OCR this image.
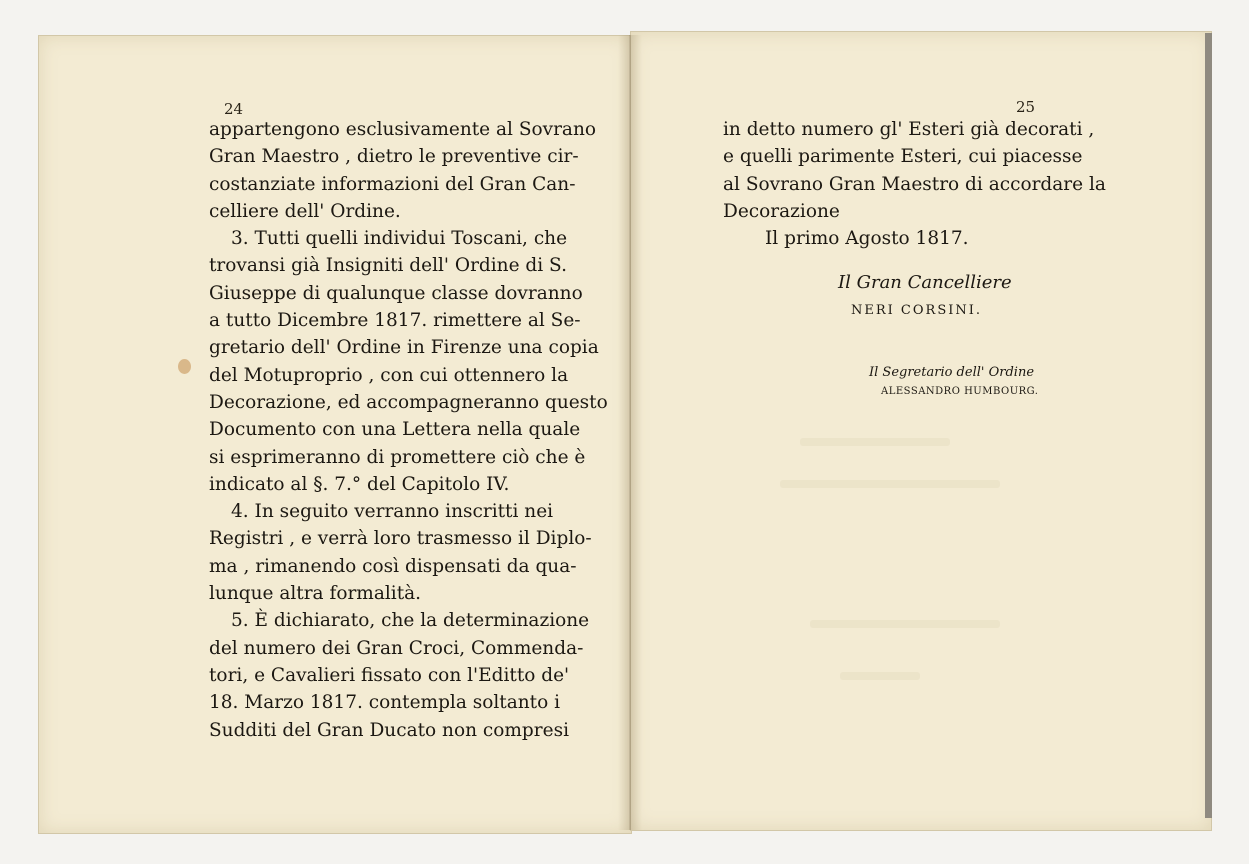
24	25
appartengono esclusivamente al Sovrano
Gran Maestro , dietro le preventive cir-
costanziate informazioni del Gran Can-
celliere dell' Ordine.
3. Tutti quelli individui Toscani, che
trovansi già Insigniti dell' Ordine di S.
Giuseppe di qualunque classe dovranno
a tutto Dicembre 1817. rimettere al Se-
gretario dell' Ordine in Firenze una copia
del Motuproprio , con cui ottennero la
Decorazione, ed accompagneranno questo
Documento con una Lettera nella quale
si esprimeranno di promettere ciò che è
indicato al §. 7.° del Capitolo IV.
4. In seguito verranno inscritti nei
Registri , e verrà loro trasmesso il Diplo-
ma , rimanendo così dispensati da qua-
lunque altra formalità.
5. È dichiarato, che la determinazione
del numero dei Gran Croci, Commenda-
tori, e Cavalieri fissato con l'Editto de'
18. Marzo 1817. contempla soltanto i
Sudditi del Gran Ducato non compresi
in detto numero gl' Esteri già decorati ,
e quelli parimente Esteri, cui piacesse
al Sovrano Gran Maestro di accordare la
Decorazione
Il primo Agosto 1817.
Il Gran Cancelliere
NERI CORSINI.
Il Segretario dell' Ordine
ALESSANDRO HUMBOURG.
